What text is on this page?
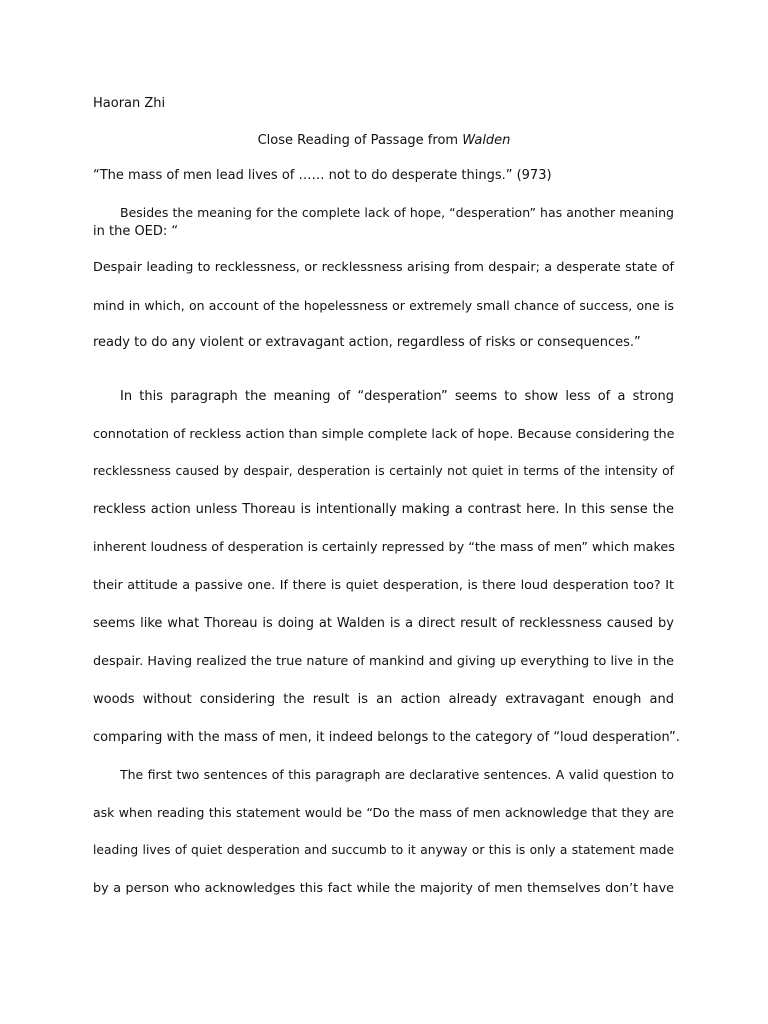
Haoran Zhi
Close Reading of Passage from Walden
“The mass of men lead lives of …… not to do desperate things.” (973)
Besides the meaning for the complete lack of hope, “desperation” has another meaning
in the OED: “
Despair leading to recklessness, or recklessness arising from despair; a desperate state of
mind in which, on account of the hopelessness or extremely small chance of success, one is
ready to do any violent or extravagant action, regardless of risks or consequences.”
In this paragraph the meaning of “desperation” seems to show less of a strong
connotation of reckless action than simple complete lack of hope. Because considering the
recklessness caused by despair, desperation is certainly not quiet in terms of the intensity of
reckless action unless Thoreau is intentionally making a contrast here. In this sense the
inherent loudness of desperation is certainly repressed by “the mass of men” which makes
their attitude a passive one. If there is quiet desperation, is there loud desperation too? It
seems like what Thoreau is doing at Walden is a direct result of recklessness caused by
despair. Having realized the true nature of mankind and giving up everything to live in the
woods without considering the result is an action already extravagant enough and
comparing with the mass of men, it indeed belongs to the category of “loud desperation”.
The first two sentences of this paragraph are declarative sentences. A valid question to
ask when reading this statement would be “Do the mass of men acknowledge that they are
leading lives of quiet desperation and succumb to it anyway or this is only a statement made
by a person who acknowledges this fact while the majority of men themselves don’t have
